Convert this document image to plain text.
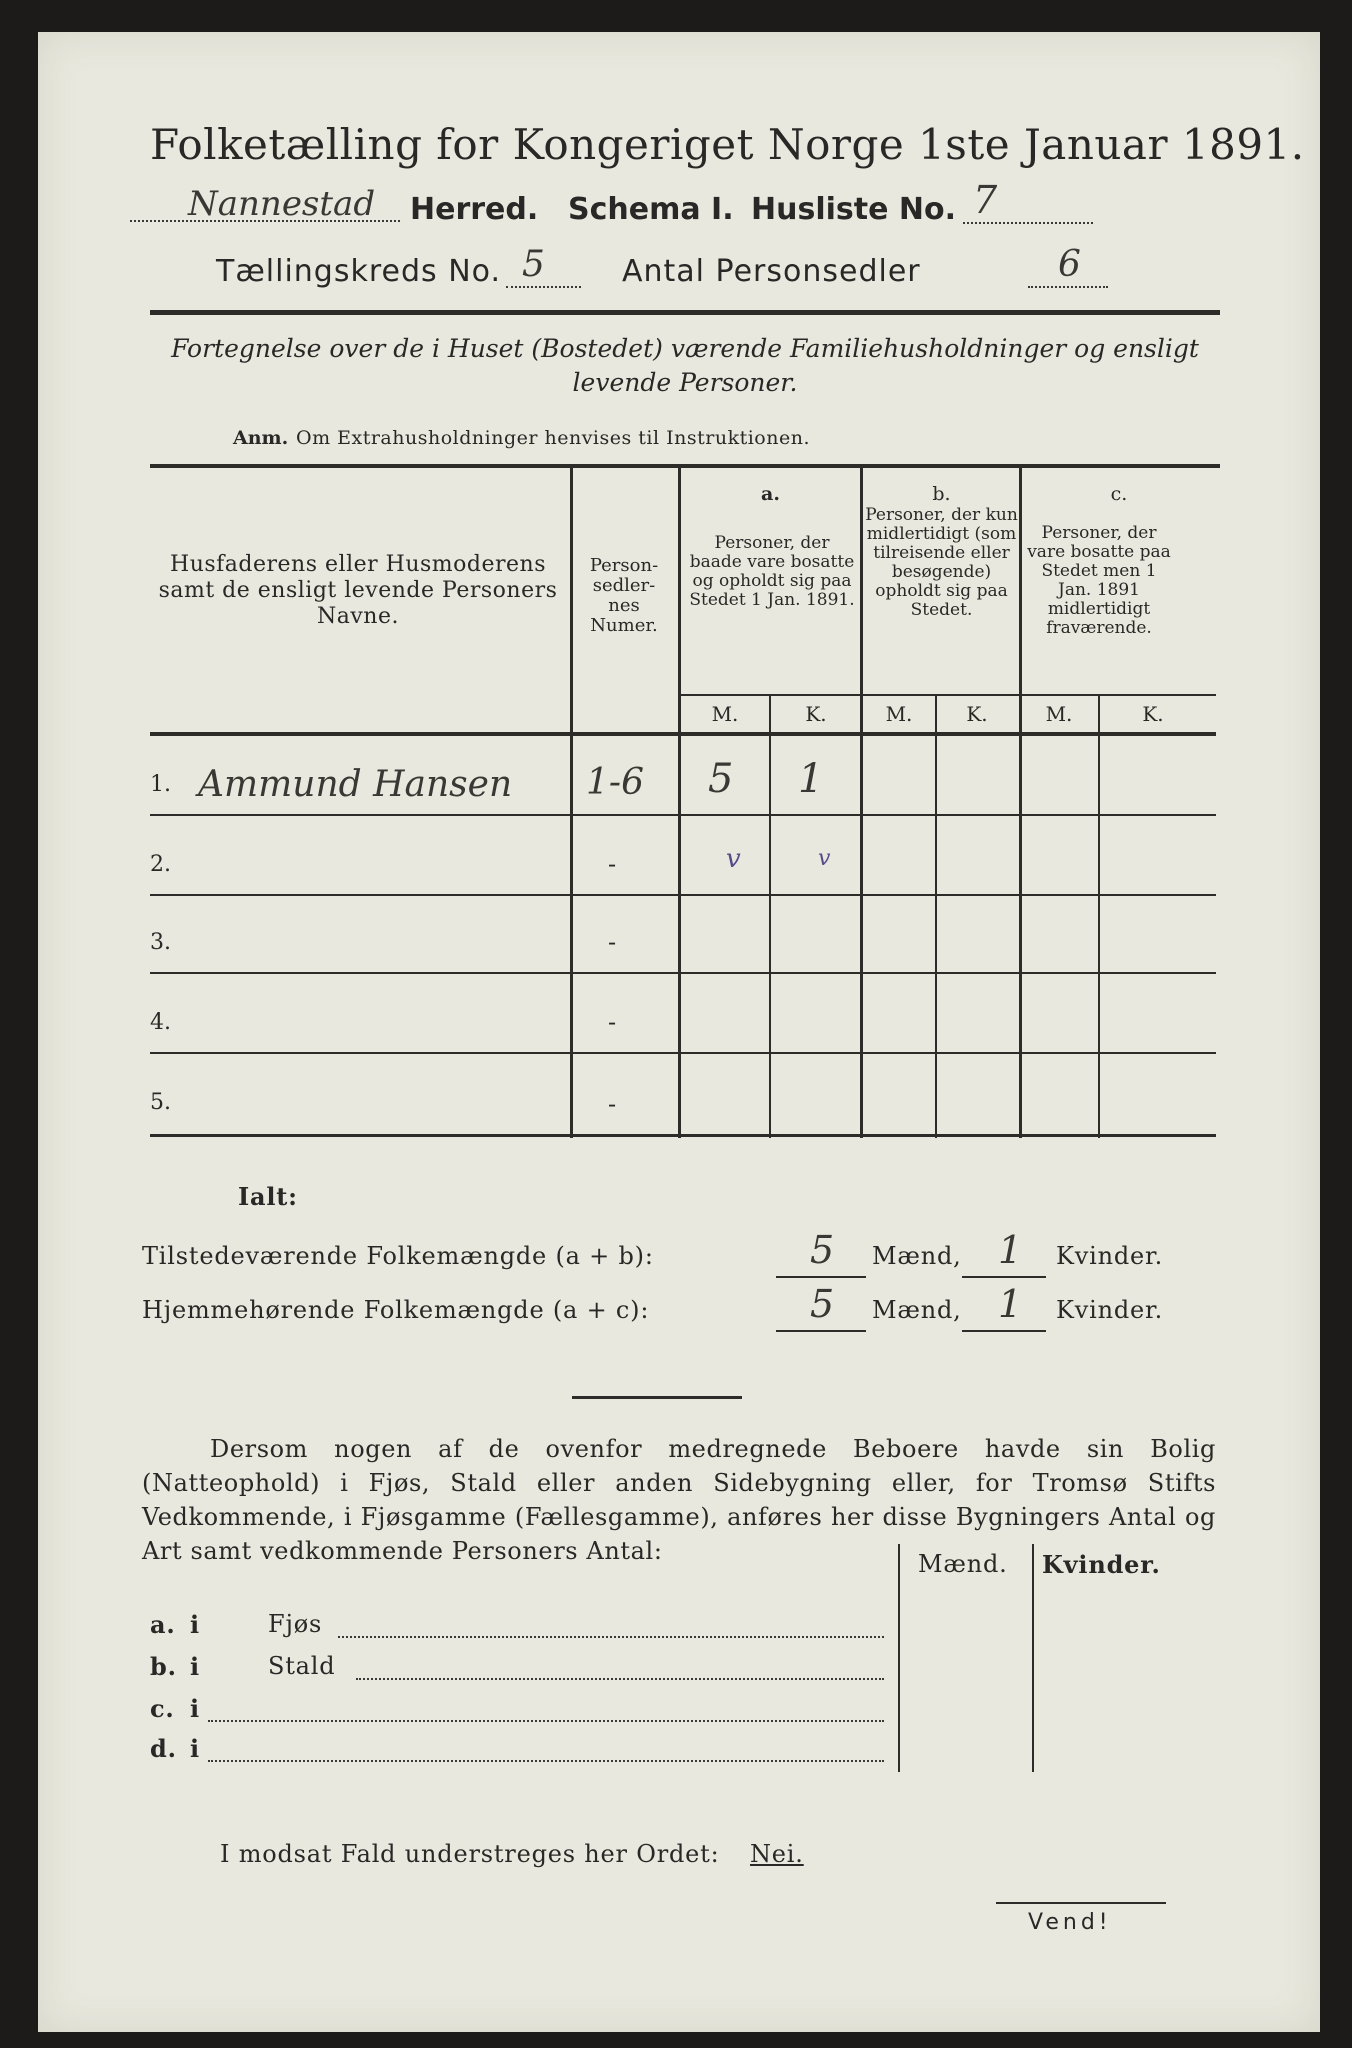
Folketælling for Kongeriget Norge 1ste Januar 1891.
Nannestad Herred. Schema I. Husliste No. 7
Tællingskreds No. 5	Antal Personsedler	6
Fortegnelse over de i Huset (Bostedet) værende Familiehusholdninger og ensligt levende Personer.
Anm. Om Extrahusholdninger henvises til Instruktionen.
Husfaderens eller Husmoderens samt de ensligt levende Personers Navne.
Person-sedler-nes Numer.
a.
Personer, der baade vare bosatte og opholdt sig paa Stedet 1 Jan. 1891.
b.
Personer, der kun midlertidigt (som tilreisende eller besøgende) opholdt sig paa Stedet.
c.
Personer, der vare bosatte paa Stedet men 1 Jan. 1891 midlertidigt fraværende.
M.	K.	M.	K.	M.	K.
1. Ammund Hansen 1-6 5 1
2.	-	v	v
3.	-
4.	-
5.	-
Ialt:
Tilstedeværende Folkemængde (a + b):	5 Mænd, 1 Kvinder.
Hjemmehørende Folkemængde (a + c):	5 Mænd, 1 Kvinder.
Dersom nogen af de ovenfor medregnede Beboere havde sin Bolig (Natteophold) i Fjøs, Stald eller anden Sidebygning eller, for Tromsø Stifts Vedkommende, i Fjøsgamme (Fællesgamme), anføres her disse Bygningers Antal og Art samt vedkommende Personers Antal:	Mænd. Kvinder.
a. i	Fjøs
b. i	Stald
c. i
d. i
I modsat Fald understreges her Ordet: Nei.
Vend!
